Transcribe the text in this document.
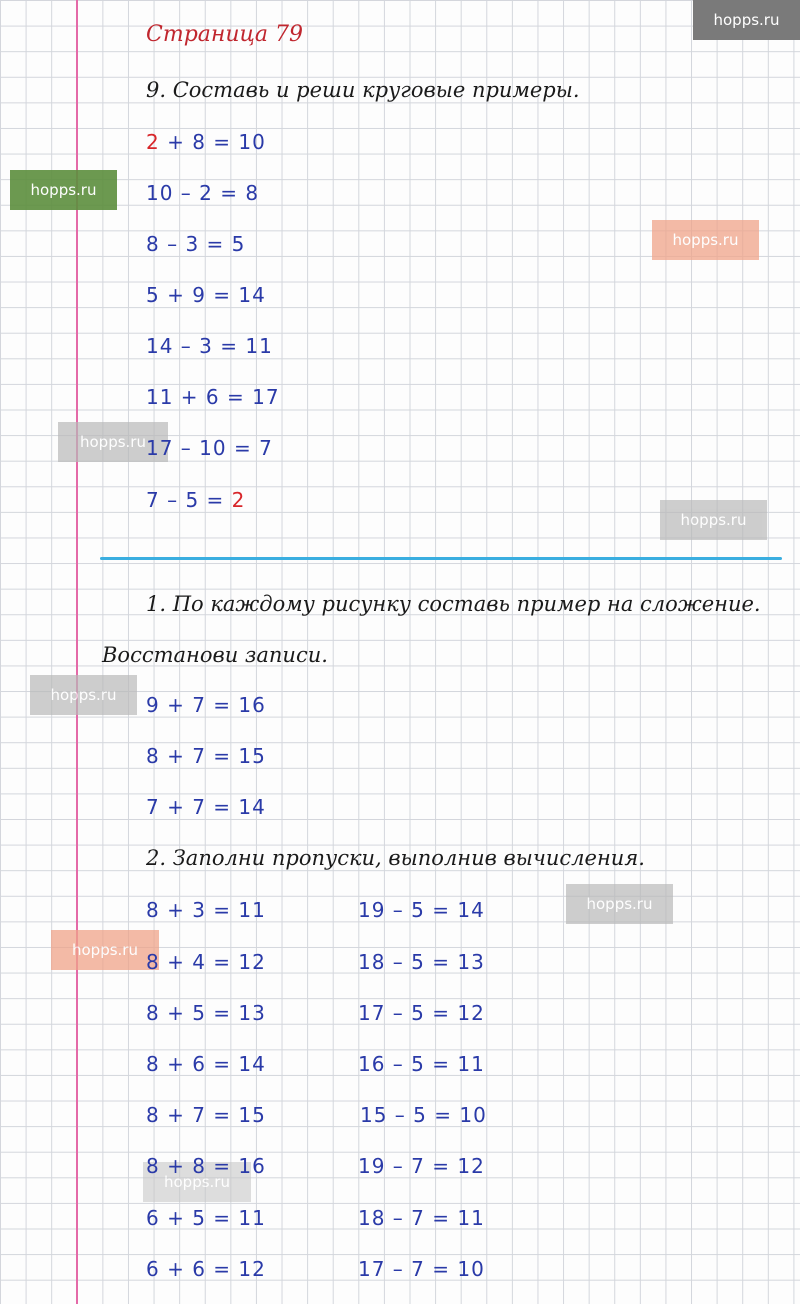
hopps.ru
hopps.ru
hopps.ru
hopps.ru
hopps.ru
hopps.ru
hopps.ru
hopps.ru
hopps.ru
Страница 79
9. Составь и реши круговые примеры.
2 + 8 = 10
10 – 2 = 8
8 – 3 = 5
5 + 9 = 14
14 – 3 = 11
11 + 6 = 17
17 – 10 = 7
7 – 5 = 2
1. По каждому рисунку составь пример на сложение.
Восстанови записи.
9 + 7 = 16
8 + 7 = 15
7 + 7 = 14
2. Заполни пропуски, выполнив вычисления.
8 + 3 = 11
8 + 4 = 12
8 + 5 = 13
8 + 6 = 14
8 + 7 = 15
8 + 8 = 16
6 + 5 = 11
6 + 6 = 12
19 – 5 = 14
18 – 5 = 13
17 – 5 = 12
16 – 5 = 11
15 – 5 = 10
19 – 7 = 12
18 – 7 = 11
17 – 7 = 10
